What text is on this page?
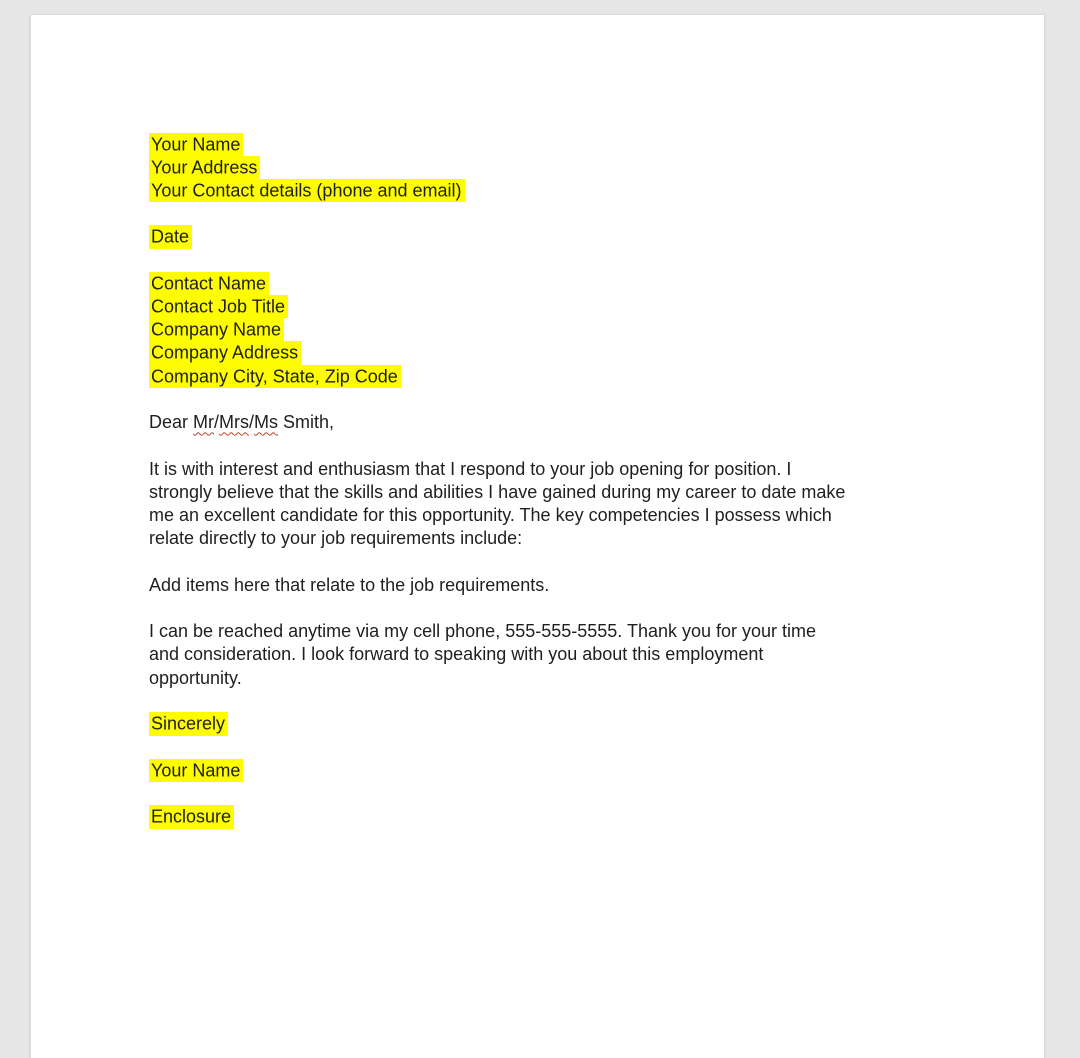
Your Name
Your Address
Your Contact details (phone and email)
Date
Contact Name
Contact Job Title
Company Name
Company Address
Company City, State, Zip Code
Dear Mr/Mrs/Ms Smith,
It is with interest and enthusiasm that I respond to your job opening for position. I
strongly believe that the skills and abilities I have gained during my career to date make
me an excellent candidate for this opportunity. The key competencies I possess which
relate directly to your job requirements include:
Add items here that relate to the job requirements.
I can be reached anytime via my cell phone, 555-555-5555. Thank you for your time
and consideration. I look forward to speaking with you about this employment
opportunity.
Sincerely
Your Name
Enclosure
